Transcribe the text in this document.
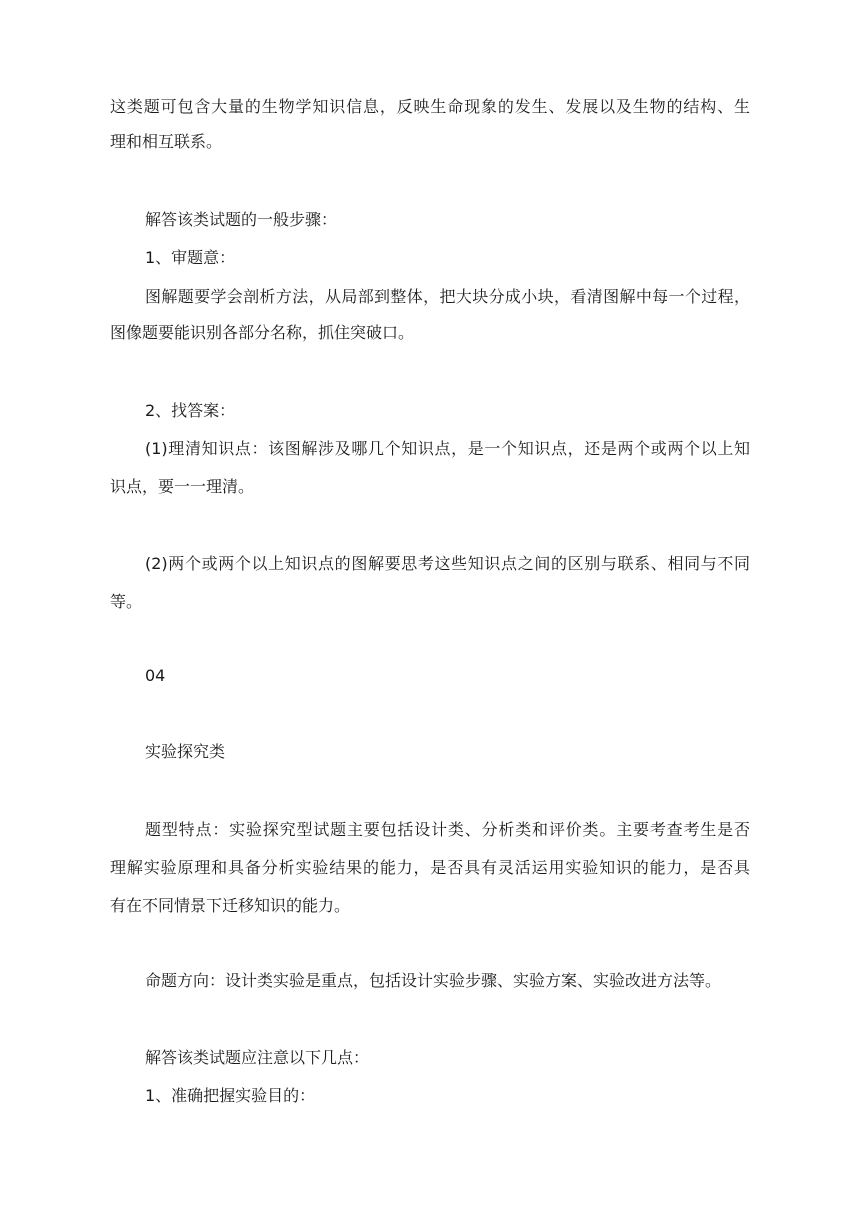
这类题可包含大量的生物学知识信息，反映生命现象的发生、发展以及生物的结构、生
理和相互联系。
解答该类试题的一般步骤：
1、审题意：
图解题要学会剖析方法，从局部到整体，把大块分成小块，看清图解中每一个过程，
图像题要能识别各部分名称，抓住突破口。
2、找答案：
(1)理清知识点：该图解涉及哪几个知识点，是一个知识点，还是两个或两个以上知
识点，要一一理清。
(2)两个或两个以上知识点的图解要思考这些知识点之间的区别与联系、相同与不同
等。
04
实验探究类
题型特点：实验探究型试题主要包括设计类、分析类和评价类。主要考查考生是否
理解实验原理和具备分析实验结果的能力，是否具有灵活运用实验知识的能力，是否具
有在不同情景下迁移知识的能力。
命题方向：设计类实验是重点，包括设计实验步骤、实验方案、实验改进方法等。
解答该类试题应注意以下几点：
1、准确把握实验目的：
